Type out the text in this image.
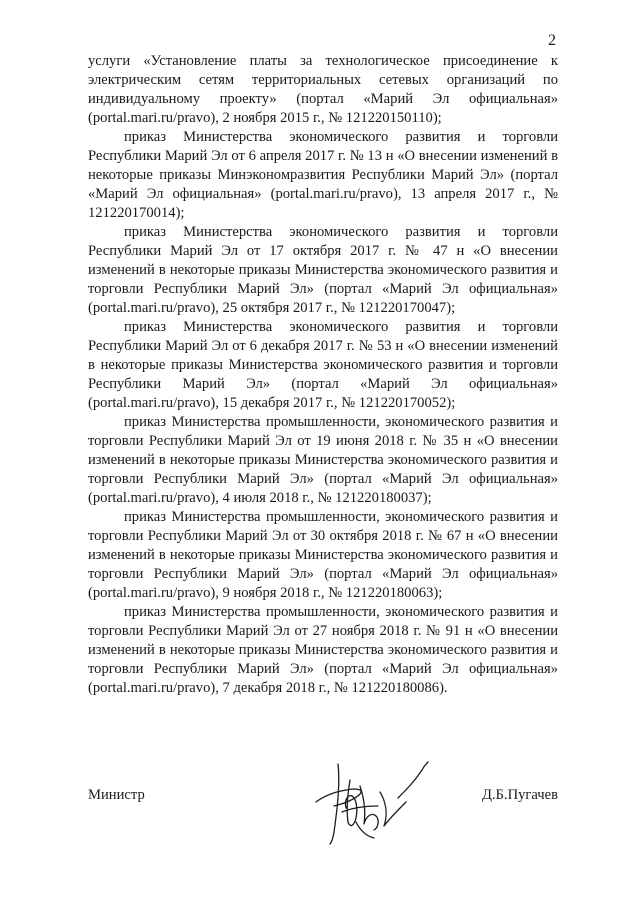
2

услуги «Установление платы за технологическое присоединение к электрическим сетям территориальных сетевых организаций по индивидуальному проекту» (портал «Марий Эл официальная» (portal.mari.ru/pravo), 2 ноября 2015 г., № 121220150110);

приказ Министерства экономического развития и торговли Республики Марий Эл от 6 апреля 2017 г. № 13 н «О внесении изменений в некоторые приказы Минэкономразвития Республики Марий Эл» (портал «Марий Эл официальная» (portal.mari.ru/pravo), 13 апреля 2017 г., № 121220170014);

приказ Министерства экономического развития и торговли Республики Марий Эл от 17 октября 2017 г. № 47 н «О внесении изменений в некоторые приказы Министерства экономического развития и торговли Республики Марий Эл» (портал «Марий Эл официальная» (portal.mari.ru/pravo), 25 октября 2017 г., № 121220170047);

приказ Министерства экономического развития и торговли Республики Марий Эл от 6 декабря 2017 г. № 53 н «О внесении изменений в некоторые приказы Министерства экономического развития и торговли Республики Марий Эл» (портал «Марий Эл официальная» (portal.mari.ru/pravo), 15 декабря 2017 г., № 121220170052);

приказ Министерства промышленности, экономического развития и торговли Республики Марий Эл от 19 июня 2018 г. № 35 н «О внесении изменений в некоторые приказы Министерства экономического развития и торговли Республики Марий Эл» (портал «Марий Эл официальная» (portal.mari.ru/pravo), 4 июля 2018 г., № 121220180037);

приказ Министерства промышленности, экономического развития и торговли Республики Марий Эл от 30 октября 2018 г. № 67 н «О внесении изменений в некоторые приказы Министерства экономического развития и торговли Республики Марий Эл» (портал «Марий Эл официальная» (portal.mari.ru/pravo), 9 ноября 2018 г., № 121220180063);

приказ Министерства промышленности, экономического развития и торговли Республики Марий Эл от 27 ноября 2018 г. № 91 н «О внесении изменений в некоторые приказы Министерства экономического развития и торговли Республики Марий Эл» (портал «Марий Эл официальная» (portal.mari.ru/pravo), 7 декабря 2018 г., № 121220180086).

Министр	Д.Б.Пугачев
